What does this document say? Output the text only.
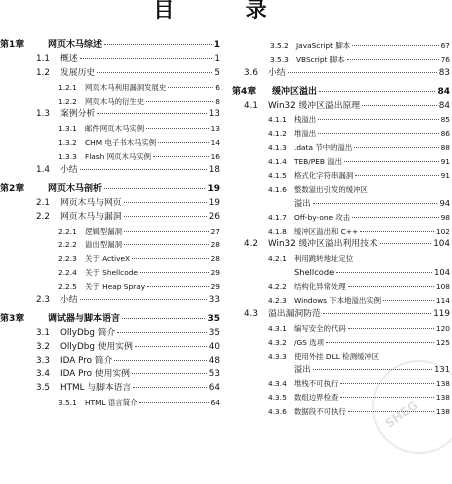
目 录
第1章	网页木马综述	1
1.1	概述	1
1.2	发展历史	5
1.2.1	网页木马利用漏洞发展史	6
1.2.2	网页木马的衍生史	8
1.3	案例分析	13
1.3.1	邮件网页木马实例	13
1.3.2	CHM 电子书木马实例	14
1.3.3	Flash 网页木马实例	16
1.4	小结	18
第2章	网页木马剖析	19
2.1	网页木马与网页	19
2.2	网页木马与漏洞	26
2.2.1	逻辑型漏洞	27
2.2.2	溢出型漏洞	28
2.2.3	关于 ActiveX	28
2.2.4	关于 Shellcode	29
2.2.5	关于 Heap Spray	29
2.3	小结	33
第3章	调试器与脚本语言	35
3.1	OllyDbg 简介	35
3.2	OllyDbg 使用实例	40
3.3	IDA Pro 简介	48
3.4	IDA Pro 使用实例	53
3.5	HTML 与脚本语言	64
3.5.1	HTML 语言简介	64
3.5.2 JavaScript 脚本	67
3.5.3 VBScript 脚本	76
3.6	小结	83
第4章	缓冲区溢出	84
4.1	Win32 缓冲区溢出原理	84
4.1.1 栈溢出	85
4.1.2 堆溢出	86
4.1.3 .data 节中的溢出	88
4.1.4 TEB/PEB 溢出	91
4.1.5 格式化字符串漏洞	91
4.1.6 整数溢出引发的缓冲区
溢出	94
4.1.7 Off-by-one 攻击	98
4.1.8 缓冲区溢出和 C++	102
4.2	Win32 缓冲区溢出利用技术	104
4.2.1 利用跳转地址定位
Shellcode	104
4.2.2 结构化异常处理	108
4.2.3 Windows 下本地溢出实例	114
4.3	溢出漏洞防范	119
4.3.1 编写安全的代码	120
4.3.2 /GS 选项	125
4.3.3 使用外挂 DLL 检测缓冲区
溢出	131
4.3.4 堆栈不可执行	138
4.3.5 数组边界检查	138
4.3.6 数据段不可执行	138
SHEG
